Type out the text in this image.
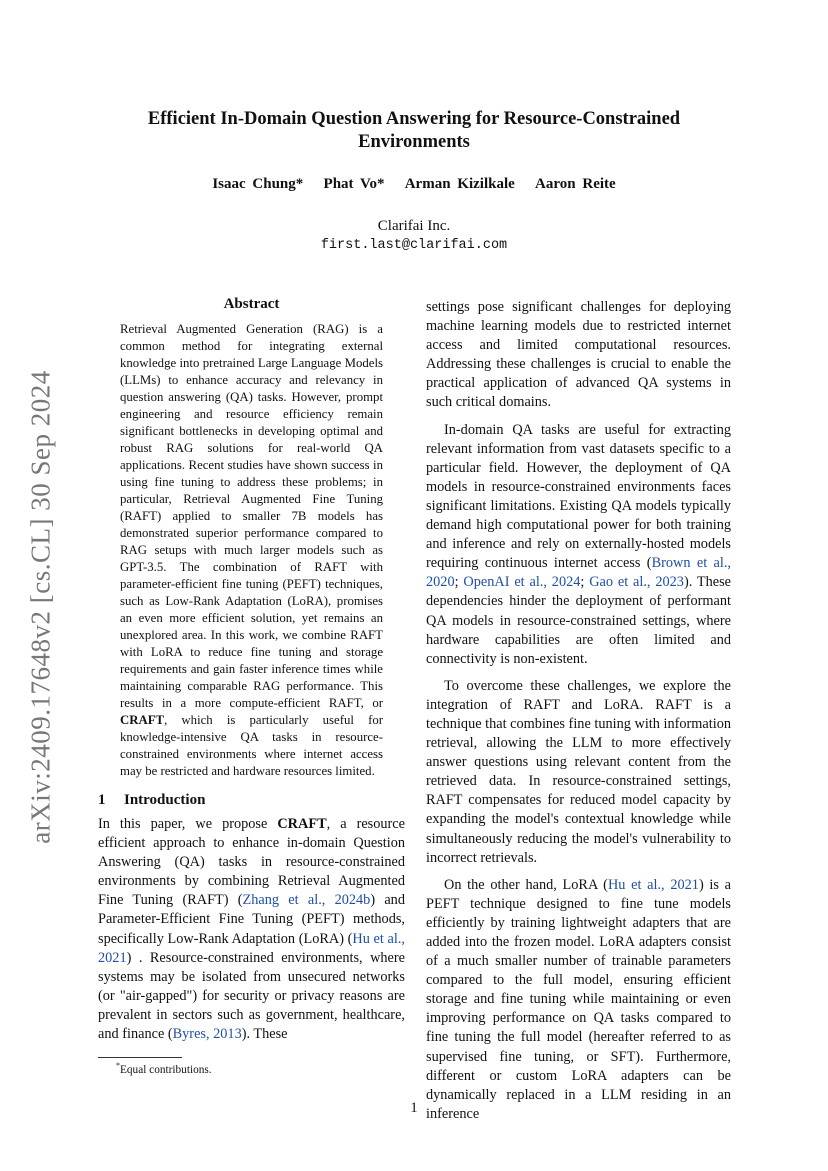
arXiv:2409.17648v2 [cs.CL] 30 Sep 2024
Efficient In-Domain Question Answering for Resource-Constrained Environments
Isaac Chung* Phat Vo* Arman Kizilkale Aaron Reite
Clarifai Inc.
first.last@clarifai.com
Abstract

Retrieval Augmented Generation (RAG) is a common method for integrating external knowledge into pretrained Large Language Models (LLMs) to enhance accuracy and relevancy in question answering (QA) tasks. However, prompt engineering and resource efficiency remain significant bottlenecks in developing optimal and robust RAG solutions for real-world QA applications. Recent studies have shown success in using fine tuning to address these problems; in particular, Retrieval Augmented Fine Tuning (RAFT) applied to smaller 7B models has demonstrated superior performance compared to RAG setups with much larger models such as GPT-3.5. The combination of RAFT with parameter-efficient fine tuning (PEFT) techniques, such as Low-Rank Adaptation (LoRA), promises an even more efficient solution, yet remains an unexplored area. In this work, we combine RAFT with LoRA to reduce fine tuning and storage requirements and gain faster inference times while maintaining comparable RAG performance. This results in a more compute-efficient RAFT, or CRAFT, which is particularly useful for knowledge-intensive QA tasks in resource-constrained environments where internet access may be restricted and hardware resources limited.

1 Introduction

In this paper, we propose CRAFT, a resource efficient approach to enhance in-domain Question Answering (QA) tasks in resource-constrained environments by combining Retrieval Augmented Fine Tuning (RAFT) (Zhang et al., 2024b) and Parameter-Efficient Fine Tuning (PEFT) methods, specifically Low-Rank Adaptation (LoRA) (Hu et al., 2021) . Resource-constrained environments, where systems may be isolated from unsecured networks (or "air-gapped") for security or privacy reasons are prevalent in sectors such as government, healthcare, and finance (Byres, 2013). These

settings pose significant challenges for deploying machine learning models due to restricted internet access and limited computational resources. Addressing these challenges is crucial to enable the practical application of advanced QA systems in such critical domains.

In-domain QA tasks are useful for extracting relevant information from vast datasets specific to a particular field. However, the deployment of QA models in resource-constrained environments faces significant limitations. Existing QA models typically demand high computational power for both training and inference and rely on externally-hosted models requiring continuous internet access (Brown et al., 2020; OpenAI et al., 2024; Gao et al., 2023). These dependencies hinder the deployment of performant QA models in resource-constrained settings, where hardware capabilities are often limited and connectivity is non-existent.

To overcome these challenges, we explore the integration of RAFT and LoRA. RAFT is a technique that combines fine tuning with information retrieval, allowing the LLM to more effectively answer questions using relevant content from the retrieved data. In resource-constrained settings, RAFT compensates for reduced model capacity by expanding the model's contextual knowledge while simultaneously reducing the model's vulnerability to incorrect retrievals.

On the other hand, LoRA (Hu et al., 2021) is a PEFT technique designed to fine tune models efficiently by training lightweight adapters that are added into the frozen model. LoRA adapters consist of a much smaller number of trainable parameters compared to the full model, ensuring efficient storage and fine tuning while maintaining or even improving performance on QA tasks compared to fine tuning the full model (hereafter referred to as supervised fine tuning, or SFT). Furthermore, different or custom LoRA adapters can be dynamically replaced in a LLM residing in an inference

*Equal contributions.
1
